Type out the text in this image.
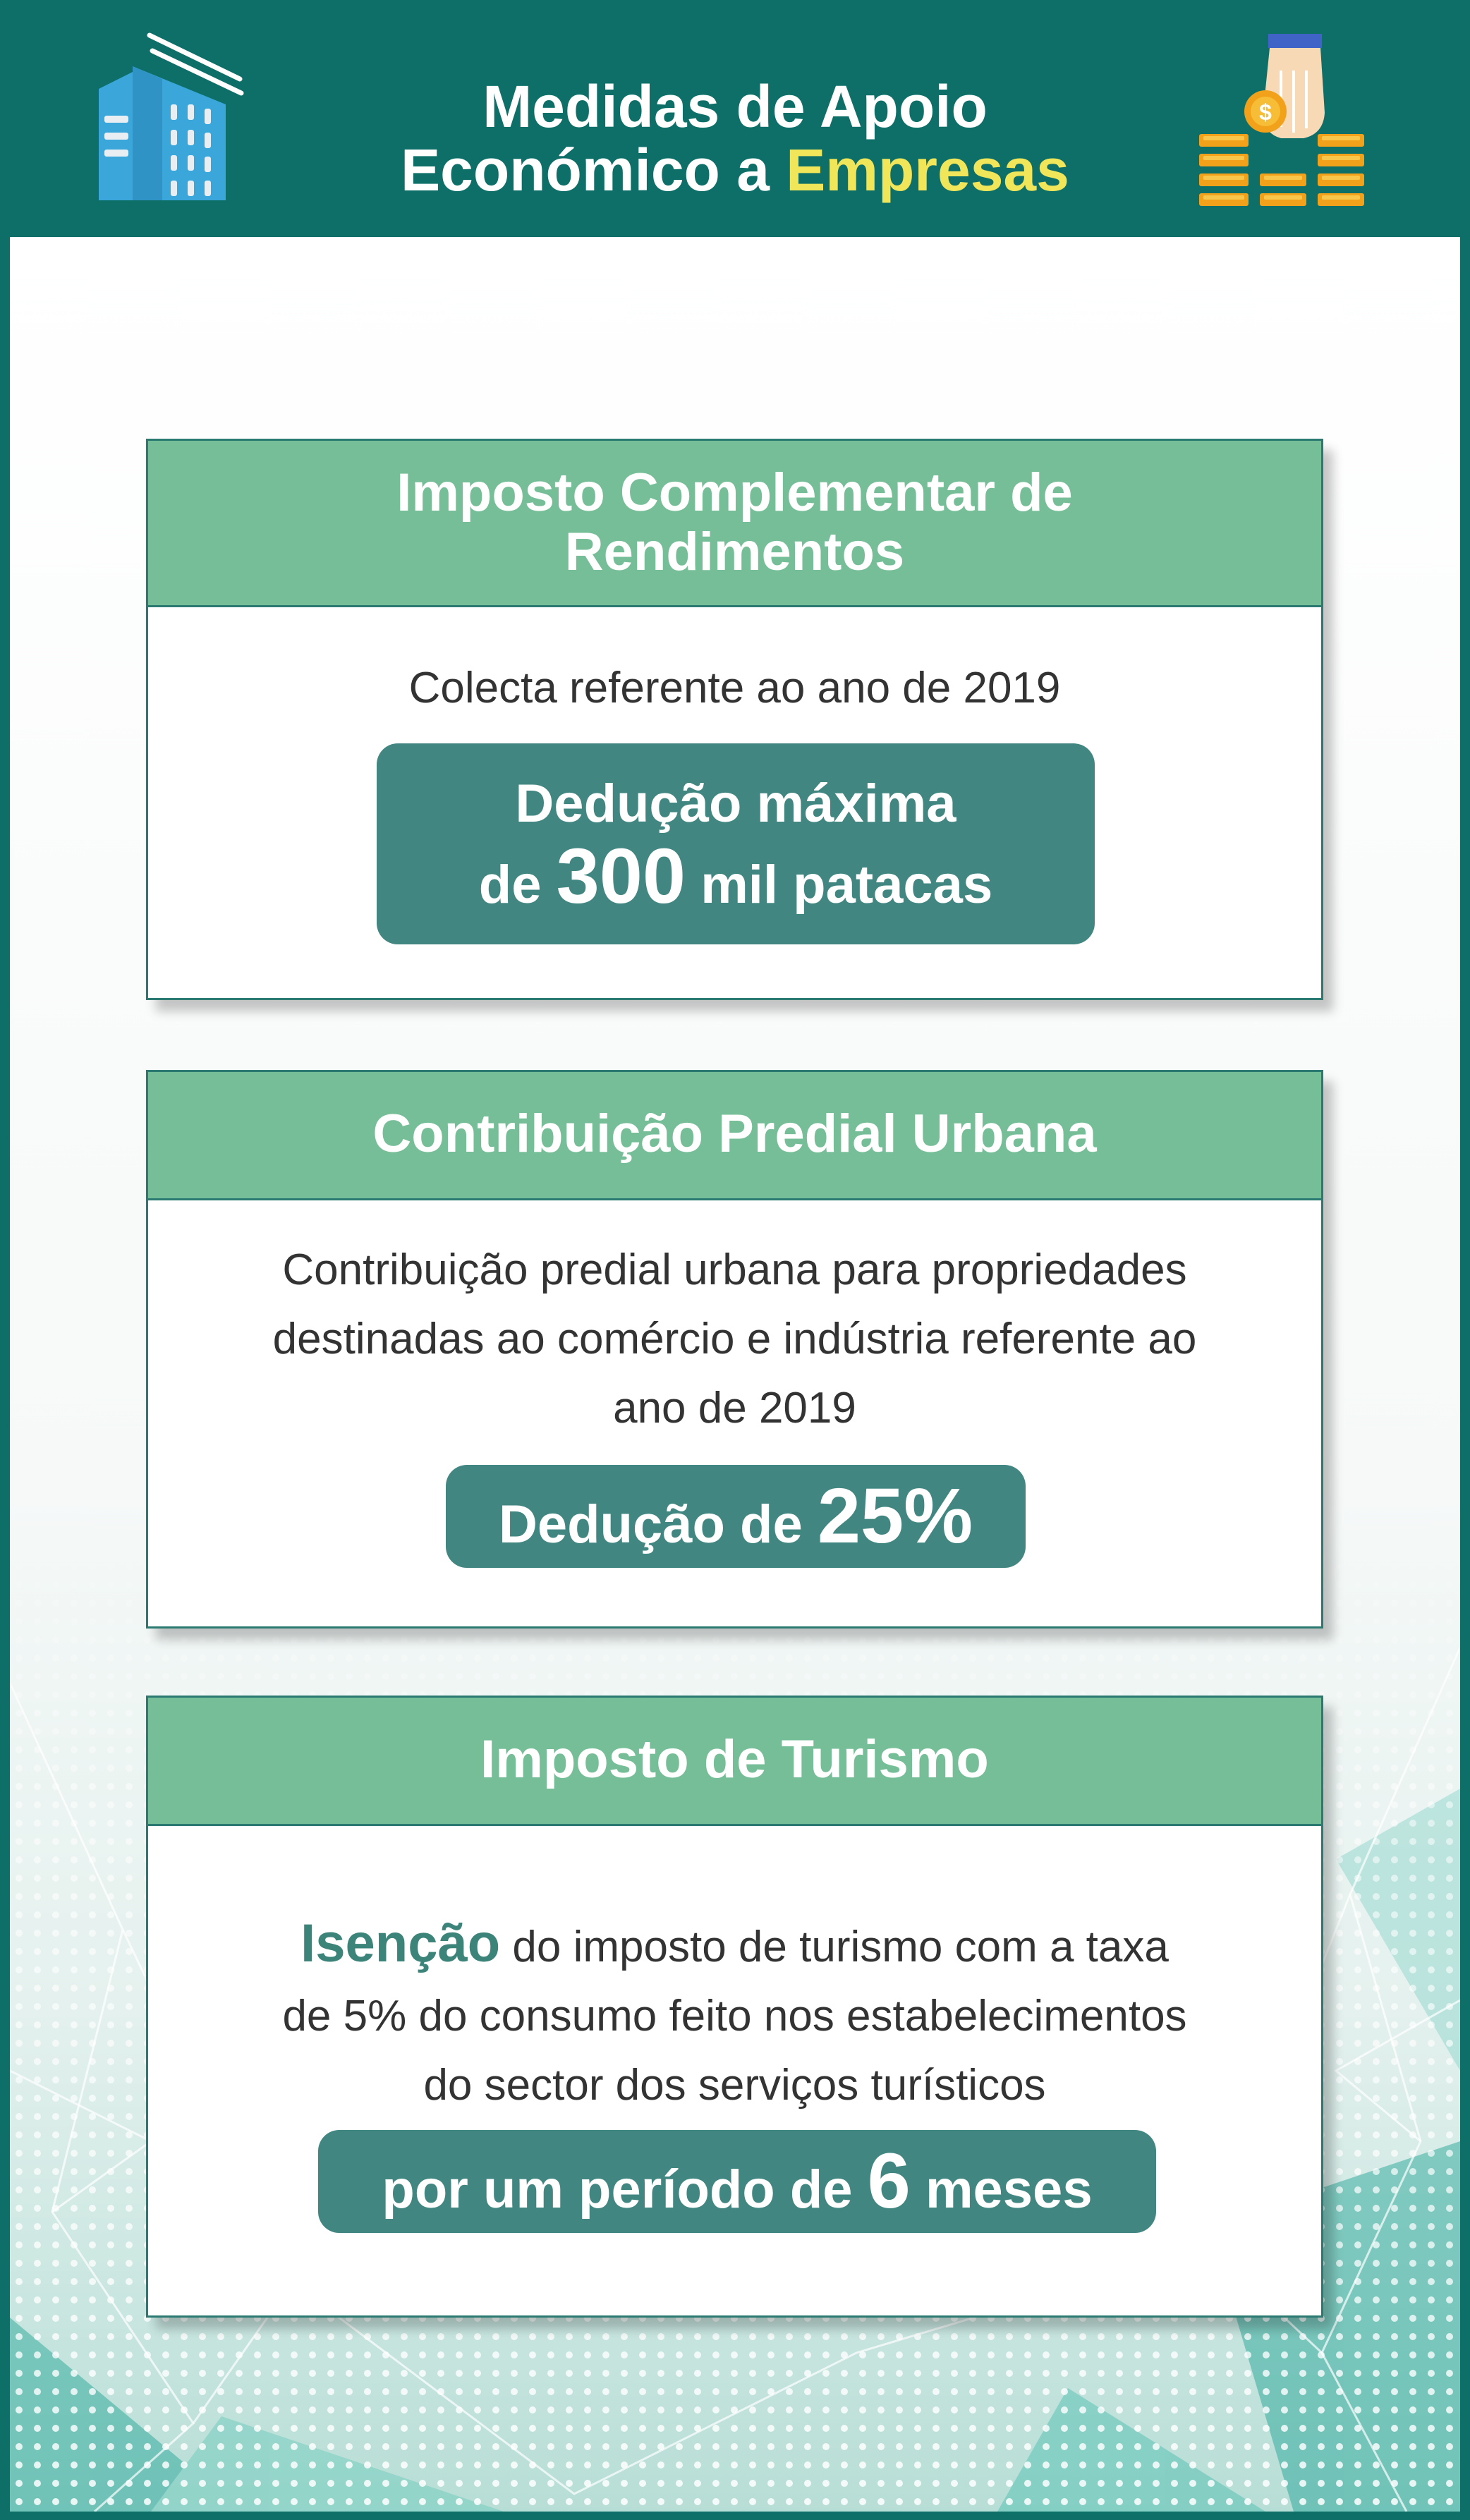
Medidas de Apoio
Económico a Empresas
$
Imposto Complementar de
Rendimentos
Colecta referente ao ano de 2019
Dedução máxima
de 300 mil patacas
Contribuição Predial Urbana
Contribuição predial urbana para propriedades
destinadas ao comércio e indústria referente ao
ano de 2019
Dedução de 25%
Imposto de Turismo
Isenção do imposto de turismo com a taxa
de 5% do consumo feito nos estabelecimentos
do sector dos serviços turísticos
por um período de 6 meses
